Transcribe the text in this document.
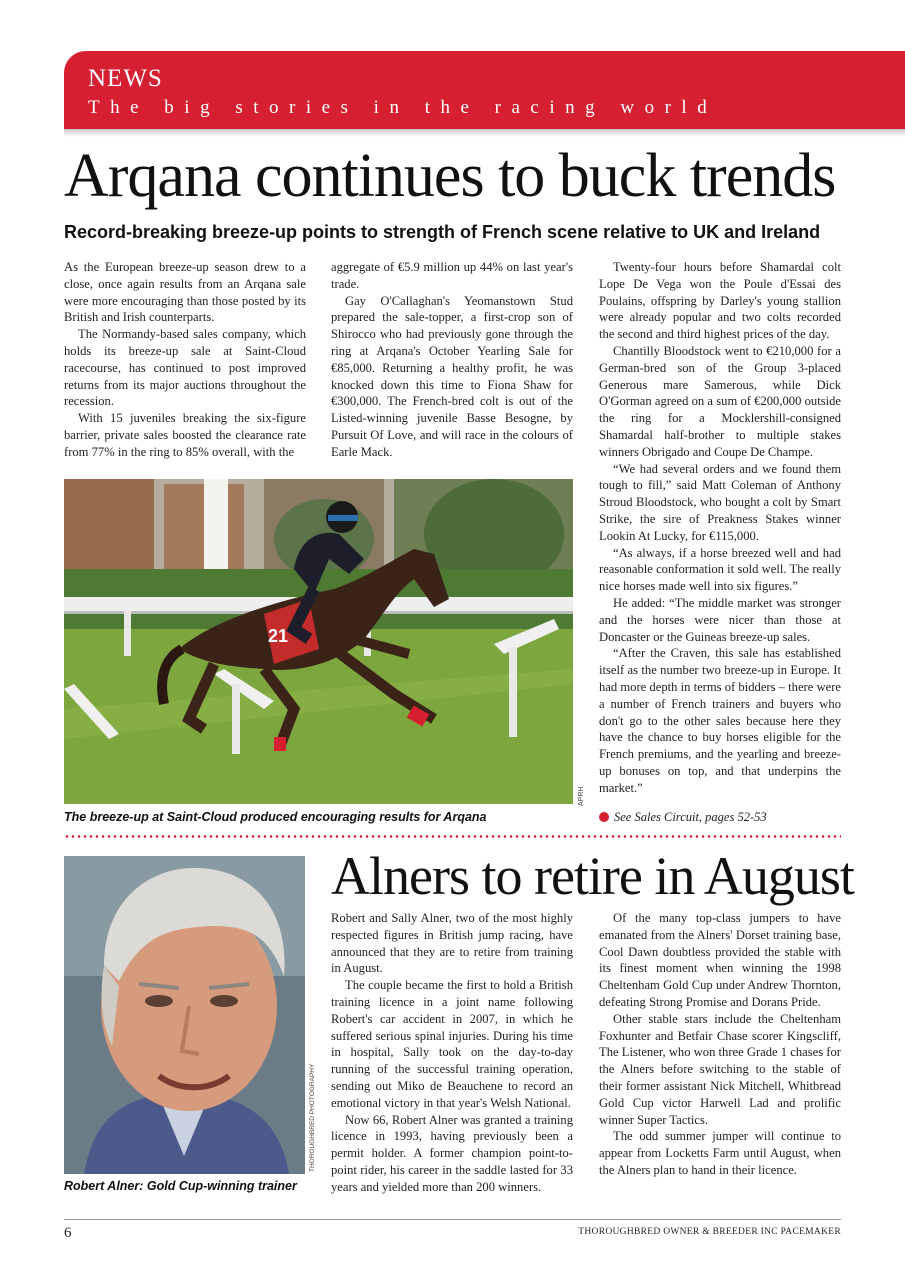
NEWS
The big stories in the racing world
Arqana continues to buck trends
Record-breaking breeze-up points to strength of French scene relative to UK and Ireland

As the European breeze-up season drew to a close, once again results from an Arqana sale were more encouraging than those posted by its British and Irish counterparts.

The Normandy-based sales company, which holds its breeze-up sale at Saint-Cloud racecourse, has continued to post improved returns from its major auctions throughout the recession.

With 15 juveniles breaking the six-figure barrier, private sales boosted the clearance rate from 77% in the ring to 85% overall, with the

aggregate of €5.9 million up 44% on last year's trade.

Gay O'Callaghan's Yeomanstown Stud prepared the sale-topper, a first-crop son of Shirocco who had previously gone through the ring at Arqana's October Yearling Sale for €85,000. Returning a healthy profit, he was knocked down this time to Fiona Shaw for €300,000. The French-bred colt is out of the Listed-winning juvenile Basse Besogne, by Pursuit Of Love, and will race in the colours of Earle Mack.

Twenty-four hours before Shamardal colt Lope De Vega won the Poule d'Essai des Poulains, offspring by Darley's young stallion were already popular and two colts recorded the second and third highest prices of the day.

Chantilly Bloodstock went to €210,000 for a German-bred son of the Group 3-placed Generous mare Samerous, while Dick O'Gorman agreed on a sum of €200,000 outside the ring for a Mocklershill-consigned Shamardal half-brother to multiple stakes winners Obrigado and Coupe De Champe.

“We had several orders and we found them tough to fill,” said Matt Coleman of Anthony Stroud Bloodstock, who bought a colt by Smart Strike, the sire of Preakness Stakes winner Lookin At Lucky, for €115,000.

“As always, if a horse breezed well and had reasonable conformation it sold well. The really nice horses made well into six figures.”

He added: “The middle market was stronger and the horses were nicer than those at Doncaster or the Guineas breeze-up sales.

“After the Craven, this sale has established itself as the number two breeze-up in Europe. It had more depth in terms of bidders – there were a number of French trainers and buyers who don't go to the other sales because here they have the chance to buy horses eligible for the French premiums, and the yearling and breeze-up bonuses on top, and that underpins the market.”

21
APRH
The breeze-up at Saint-Cloud produced encouraging results for Arqana	See Sales Circuit, pages 52-53
THOROUGHBRED PHOTOGRAPHY
Robert Alner: Gold Cup-winning trainer
Alners to retire in August

Robert and Sally Alner, two of the most highly respected figures in British jump racing, have announced that they are to retire from training in August.

The couple became the first to hold a British training licence in a joint name following Robert's car accident in 2007, in which he suffered serious spinal injuries. During his time in hospital, Sally took on the day-to-day running of the successful training operation, sending out Miko de Beauchene to record an emotional victory in that year's Welsh National.

Now 66, Robert Alner was granted a training licence in 1993, having previously been a permit holder. A former champion point-to-point rider, his career in the saddle lasted for 33 years and yielded more than 200 winners.

Of the many top-class jumpers to have emanated from the Alners' Dorset training base, Cool Dawn doubtless provided the stable with its finest moment when winning the 1998 Cheltenham Gold Cup under Andrew Thornton, defeating Strong Promise and Dorans Pride.

Other stable stars include the Cheltenham Foxhunter and Betfair Chase scorer Kingscliff, The Listener, who won three Grade 1 chases for the Alners before switching to the stable of their former assistant Nick Mitchell, Whitbread Gold Cup victor Harwell Lad and prolific winner Super Tactics.

The odd summer jumper will continue to appear from Locketts Farm until August, when the Alners plan to hand in their licence.

6	THOROUGHBRED OWNER & BREEDER INC PACEMAKER
